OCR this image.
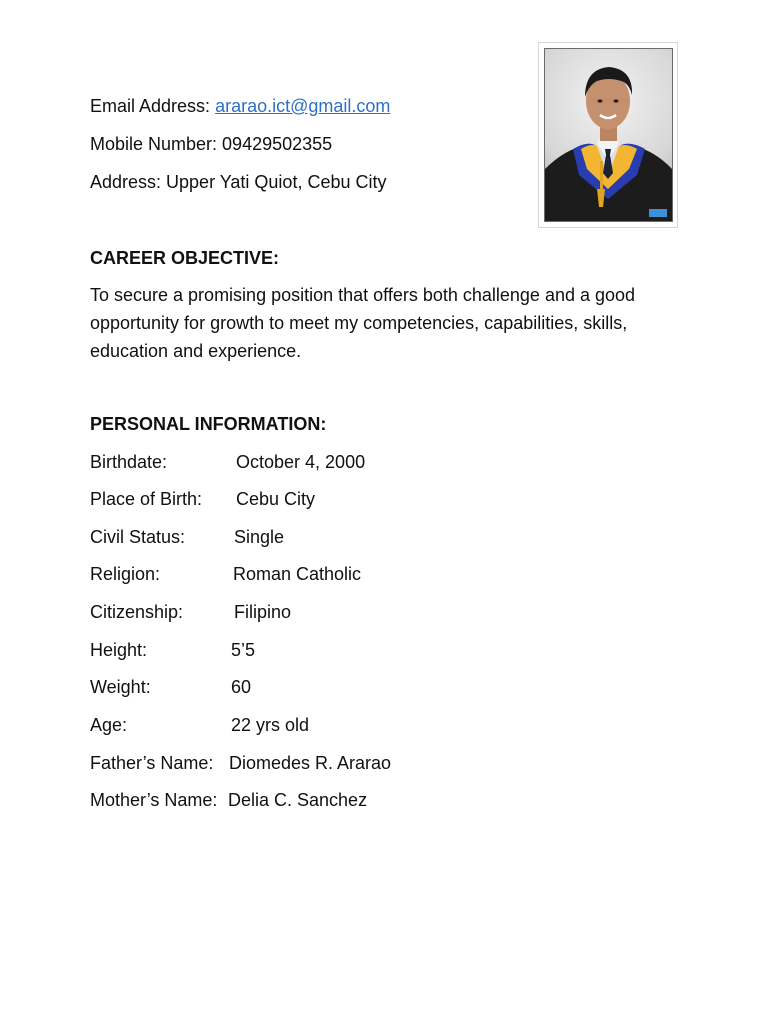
Email Address: ararao.ict@gmail.com
Mobile Number: 09429502355
Address: Upper Yati Quiot, Cebu City
CAREER OBJECTIVE:
To secure a promising position that offers both challenge and a good opportunity for growth to meet my competencies, capabilities, skills, education and experience.
PERSONAL INFORMATION:
Birthdate:	October 4, 2000
Place of Birth: Cebu City
Civil Status:	Single
Religion:	Roman Catholic
Citizenship:	Filipino
Height:	5’5
Weight:	60
Age:	22 yrs old
Father’s Name: Diomedes R. Ararao
Mother’s Name: Delia C. Sanchez
